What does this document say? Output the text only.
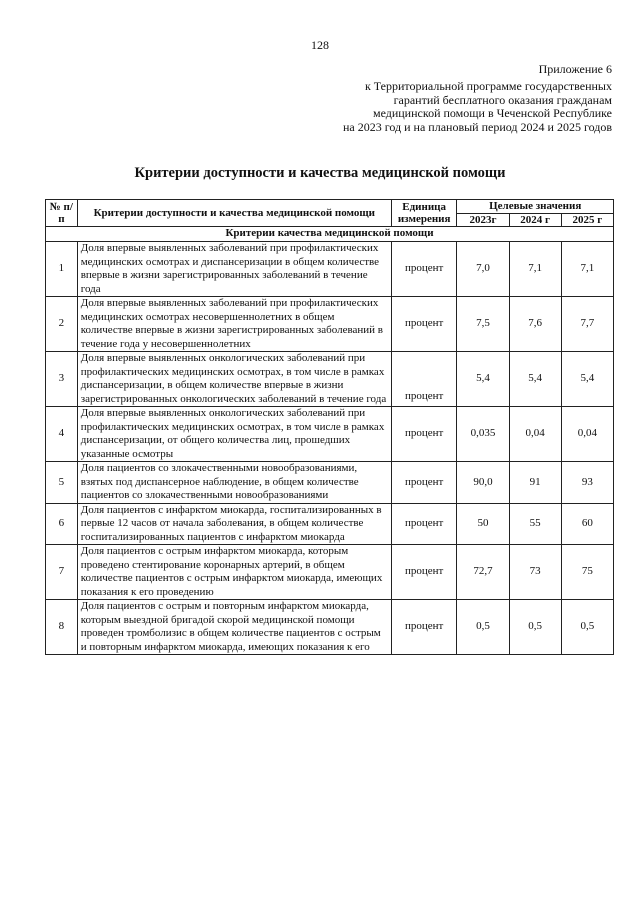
128
Приложение 6
к Территориальной программе государственных
гарантий бесплатного оказания гражданам
медицинской помощи в Чеченской Республике
на 2023 год и на плановый период 2024 и 2025 годов
Критерии доступности и качества медицинской помощи
№ п/п	Критерии доступности и качества медицинской помощи	Единица измерения	Целевые значения		
			2023г	2024 г	2025 г
Критерии качества медицинской помощи					
1	Доля впервые выявленных заболеваний при профилактических медицинских осмотрах и диспансеризации в общем количестве впервые в жизни зарегистрированных заболеваний в течение года	процент	7,0	7,1	7,1
2	Доля впервые выявленных заболеваний при профилактических медицинских осмотрах несовершеннолетних в общем количестве впервые в жизни зарегистрированных заболеваний в течение года у несовершеннолетних	процент	7,5	7,6	7,7
3	Доля впервые выявленных онкологических заболеваний при профилактических медицинских осмотрах, в том числе в рамках диспансеризации, в общем количестве впервые в жизни зарегистрированных онкологических заболеваний в течение года	процент	5,4	5,4	5,4
4	Доля впервые выявленных онкологических заболеваний при профилактических медицинских осмотрах, в том числе в рамках диспансеризации, от общего количества лиц, прошедших указанные осмотры	процент	0,035	0,04	0,04
5	Доля пациентов со злокачественными новообразованиями, взятых под диспансерное наблюдение, в общем количестве пациентов со злокачественными новообразованиями	процент	90,0	91	93
6	Доля пациентов с инфарктом миокарда, госпитализированных в первые 12 часов от начала заболевания, в общем количестве госпитализированных пациентов с инфарктом миокарда	процент	50	55	60
7	Доля пациентов с острым инфарктом миокарда, которым проведено стентирование коронарных артерий, в общем количестве пациентов с острым инфарктом миокарда, имеющих показания к его проведению	процент	72,7	73	75
8	Доля пациентов с острым и повторным инфарктом миокарда, которым выездной бригадой скорой медицинской помощи проведен тромболизис в общем количестве пациентов с острым и повторным инфарктом миокарда, имеющих показания к его	процент	0,5	0,5	0,5
